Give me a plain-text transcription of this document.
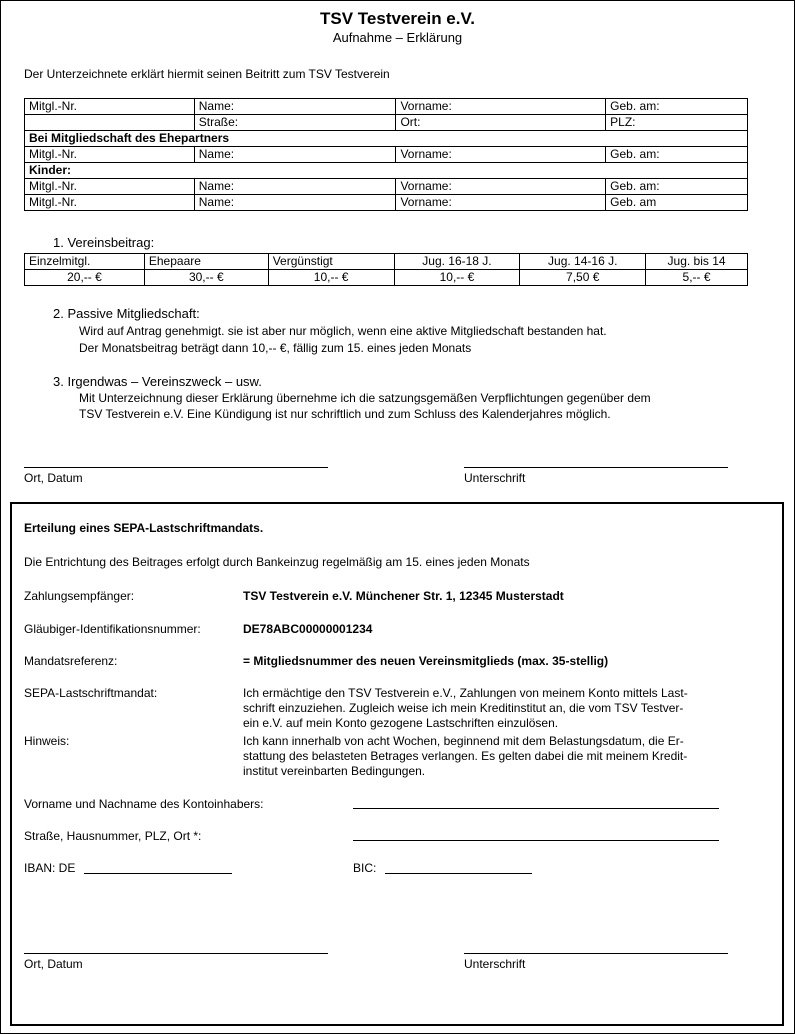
TSV Testverein e.V.
Aufnahme – Erklärung
Der Unterzeichnete erklärt hiermit seinen Beitritt zum TSV Testverein
Mitgl.-Nr.	Name:	Vorname:	Geb. am:
	Straße:	Ort:	PLZ:
Bei Mitgliedschaft des Ehepartners			
Mitgl.-Nr.	Name:	Vorname:	Geb. am:
Kinder:			
Mitgl.-Nr.	Name:	Vorname:	Geb. am:
Mitgl.-Nr.	Name:	Vorname:	Geb. am
1. Vereinsbeitrag:
Einzelmitgl.	Ehepaare	Vergünstigt	Jug. 16-18 J.	Jug. 14-16 J.	Jug. bis 14
20,-- €	30,-- €	10,-- €	10,-- €	7,50 €	5,-- €
2. Passive Mitgliedschaft:
Wird auf Antrag genehmigt. sie ist aber nur möglich, wenn eine aktive Mitgliedschaft bestanden hat.
Der Monatsbeitrag beträgt dann 10,-- €, fällig zum 15. eines jeden Monats
3. Irgendwas – Vereinszweck – usw.
Mit Unterzeichnung dieser Erklärung übernehme ich die satzungsgemäßen Verpflichtungen gegenüber dem
TSV Testverein e.V. Eine Kündigung ist nur schriftlich und zum Schluss des Kalenderjahres möglich.
Ort, Datum	Unterschrift
Erteilung eines SEPA-Lastschriftmandats.
Die Entrichtung des Beitrages erfolgt durch Bankeinzug regelmäßig am 15. eines jeden Monats
Zahlungsempfänger:	TSV Testverein e.V. Münchener Str. 1, 12345 Musterstadt
Gläubiger-Identifikationsnummer:	DE78ABC00000001234
Mandatsreferenz:	= Mitgliedsnummer des neuen Vereinsmitglieds (max. 35-stellig)
SEPA-Lastschriftmandat:	Ich ermächtige den TSV Testverein e.V., Zahlungen von meinem Konto mittels Last-
schrift einzuziehen. Zugleich weise ich mein Kreditinstitut an, die vom TSV Testver-
ein e.V. auf mein Konto gezogene Lastschriften einzulösen.
Hinweis:	Ich kann innerhalb von acht Wochen, beginnend mit dem Belastungsdatum, die Er-
stattung des belasteten Betrages verlangen. Es gelten dabei die mit meinem Kredit-
institut vereinbarten Bedingungen.
Vorname und Nachname des Kontoinhabers:
Straße, Hausnummer, PLZ, Ort *:
IBAN: DE	BIC:
Ort, Datum	Unterschrift
